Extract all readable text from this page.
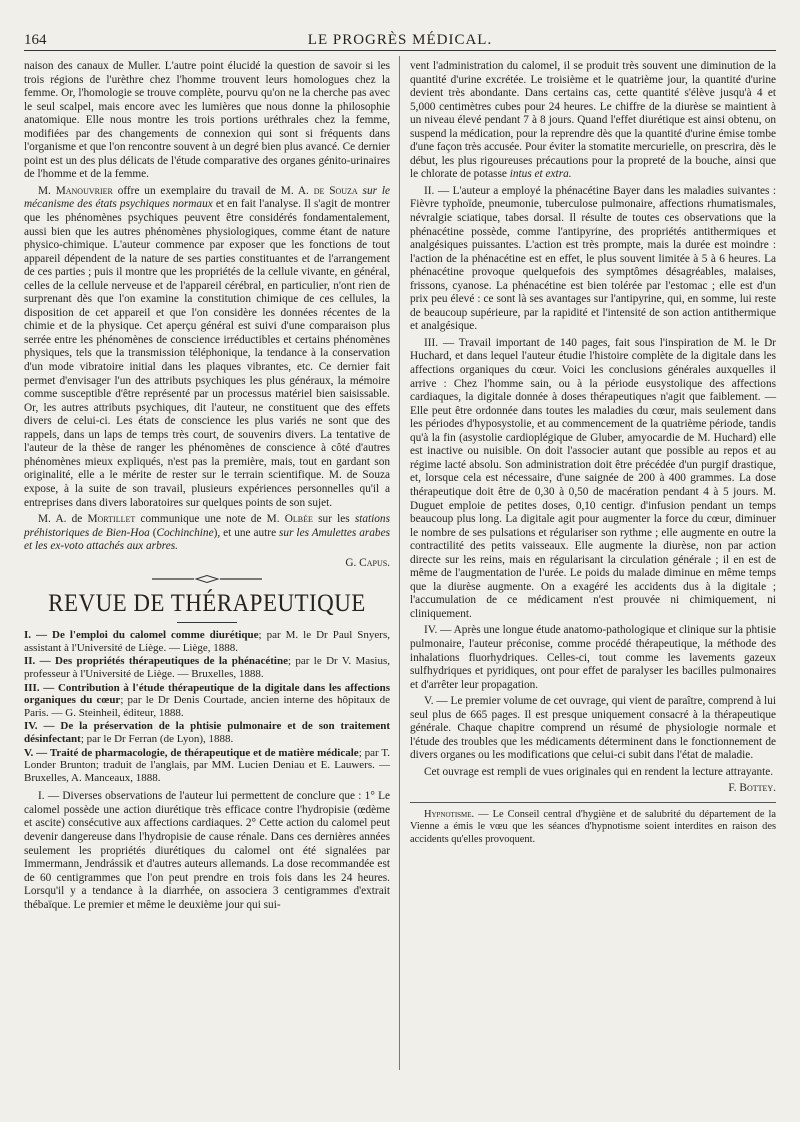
164	LE PROGRÈS MÉDICAL.

naison des canaux de Muller. L'autre point élucidé la question de savoir si les trois régions de l'urèthre chez l'homme trouvent leurs homologues chez la femme. Or, l'homologie se trouve complète, pourvu qu'on ne la cherche pas avec le seul scalpel, mais encore avec les lumières que nous donne la philosophie anatomique. Elle nous montre les trois portions uréthrales chez la femme, modifiées par des changements de connexion qui sont si fréquents dans l'organisme et que l'on rencontre souvent à un degré bien plus avancé. Ce dernier point est un des plus délicats de l'étude comparative des organes génito-urinaires de l'homme et de la femme.

M. Manouvrier offre un exemplaire du travail de M. A. de Souza sur le mécanisme des états psychiques normaux et en fait l'analyse. Il s'agit de montrer que les phénomènes psychiques peuvent être considérés fondamentalement, aussi bien que les autres phénomènes physiologiques, comme étant de nature physico-chimique. L'auteur commence par exposer que les fonctions de tout appareil dépendent de la nature de ses parties constituantes et de l'arrangement de ces parties ; puis il montre que les propriétés de la cellule vivante, en général, celles de la cellule nerveuse et de l'appareil cérébral, en particulier, n'ont rien de surprenant dès que l'on examine la constitution chimique de ces cellules, la disposition de cet appareil et que l'on considère les données récentes de la chimie et de la physique. Cet aperçu général est suivi d'une comparaison plus serrée entre les phénomènes de conscience irréductibles et certains phénomènes physiques, tels que la transmission téléphonique, la tendance à la conservation d'un mode vibratoire initial dans les plaques vibrantes, etc. Ce dernier fait permet d'envisager l'un des attributs psychiques les plus généraux, la mémoire comme susceptible d'être représenté par un processus matériel bien saisissable. Or, les autres attributs psychiques, dit l'auteur, ne constituent que des effets divers de celui-ci. Les états de conscience les plus variés ne sont que des rappels, dans un laps de temps très court, de souvenirs divers. La tentative de l'auteur de la thèse de ranger les phénomènes de conscience à côté d'autres phénomènes mieux expliqués, n'est pas la première, mais, tout en gardant son originalité, elle a le mérite de rester sur le terrain scientifique. M. de Souza expose, à la suite de son travail, plusieurs expériences personnelles qu'il a entreprises dans divers laboratoires sur quelques points de son sujet.

M. A. de Mortillet communique une note de M. Olbée sur les stations préhistoriques de Bien-Hoa (Cochinchine), et une autre sur les Amulettes arabes et les ex-voto attachés aux arbres.

G. Capus.

REVUE DE THÉRAPEUTIQUE

I. — De l'emploi du calomel comme diurétique; par M. le Dr Paul Snyers, assistant à l'Université de Liège. — Liège, 1888.

II. — Des propriétés thérapeutiques de la phénacétine; par le Dr V. Masius, professeur à l'Université de Liège. — Bruxelles, 1888.

III. — Contribution à l'étude thérapeutique de la digitale dans les affections organiques du cœur; par le Dr Denis Courtade, ancien interne des hôpitaux de Paris. — G. Steinheil, éditeur, 1888.

IV. — De la préservation de la phtisie pulmonaire et de son traitement désinfectant; par le Dr Ferran (de Lyon), 1888.

V. — Traité de pharmacologie, de thérapeutique et de matière médicale; par T. Londer Brunton; traduit de l'anglais, par MM. Lucien Deniau et E. Lauwers. — Bruxelles, A. Manceaux, 1888.

I. — Diverses observations de l'auteur lui permettent de conclure que : 1° Le calomel possède une action diurétique très efficace contre l'hydropisie (œdème et ascite) consécutive aux affections cardiaques. 2° Cette action du calomel peut devenir dangereuse dans l'hydropisie de cause rénale. Dans ces dernières années seulement les propriétés diurétiques du calomel ont été signalées par Immermann, Jendrássik et d'autres auteurs allemands. La dose recommandée est de 60 centigrammes que l'on peut prendre en trois fois dans les 24 heures. Lorsqu'il y a tendance à la diarrhée, on associera 3 centigrammes d'extrait thébaïque. Le premier et même le deuxième jour qui sui-

vent l'administration du calomel, il se produit très souvent une diminution de la quantité d'urine excrétée. Le troisième et le quatrième jour, la quantité d'urine devient très abondante. Dans certains cas, cette quantité s'élève jusqu'à 4 et 5,000 centimètres cubes pour 24 heures. Le chiffre de la diurèse se maintient à un niveau élevé pendant 7 à 8 jours. Quand l'effet diurétique est ainsi obtenu, on suspend la médication, pour la reprendre dès que la quantité d'urine émise tombe d'une façon très accusée. Pour éviter la stomatite mercurielle, on prescrira, dès le début, les plus rigoureuses précautions pour la propreté de la bouche, ainsi que le chlorate de potasse intus et extra.

II. — L'auteur a employé la phénacétine Bayer dans les maladies suivantes : Fièvre typhoïde, pneumonie, tuberculose pulmonaire, affections rhumatismales, névralgie sciatique, tabes dorsal. Il résulte de toutes ces observations que la phénacétine possède, comme l'antipyrine, des propriétés antithermiques et analgésiques puissantes. L'action est très prompte, mais la durée est moindre : l'action de la phénacétine est en effet, le plus souvent limitée à 5 à 6 heures. La phénacétine provoque quelquefois des symptômes désagréables, malaises, frissons, cyanose. La phénacétine est bien tolérée par l'estomac ; elle est d'un prix peu élevé : ce sont là ses avantages sur l'antipyrine, qui, en somme, lui reste de beaucoup supérieure, par la rapidité et l'intensité de son action antithermique et analgésique.

III. — Travail important de 140 pages, fait sous l'inspiration de M. le Dr Huchard, et dans lequel l'auteur étudie l'histoire complète de la digitale dans les affections organiques du cœur. Voici les conclusions générales auxquelles il arrive : Chez l'homme sain, ou à la période eusystolique des affections cardiaques, la digitale donnée à doses thérapeutiques n'agit que faiblement. — Elle peut être ordonnée dans toutes les maladies du cœur, mais seulement dans les périodes d'hyposystolie, et au commencement de la quatrième période, tandis qu'à la fin (asystolie cardioplégique de Gluber, amyocardie de M. Huchard) elle est inactive ou nuisible. On doit l'associer autant que possible au repos et au régime lacté absolu. Son administration doit être précédée d'un purgif drastique, et, lorsque cela est nécessaire, d'une saignée de 200 à 400 grammes. La dose thérapeutique doit être de 0,30 à 0,50 de macération pendant 4 à 5 jours. M. Duguet emploie de petites doses, 0,10 centigr. d'infusion pendant un temps beaucoup plus long. La digitale agit pour augmenter la force du cœur, diminuer le nombre de ses pulsations et régulariser son rythme ; elle augmente en outre la contractilité des petits vaisseaux. Elle augmente la diurèse, non par action directe sur les reins, mais en régularisant la circulation générale ; il en est de même de l'augmentation de l'urée. Le poids du malade diminue en même temps que la diurèse augmente. On a exagéré les accidents dus à la digitale ; l'accumulation de ce médicament n'est prouvée ni chimiquement, ni cliniquement.

IV. — Après une longue étude anatomo-pathologique et clinique sur la phtisie pulmonaire, l'auteur préconise, comme procédé thérapeutique, la méthode des inhalations fluorhydriques. Celles-ci, tout comme les lavements gazeux sulfhydriques et pyridiques, ont pour effet de paralyser les bacilles pulmonaires et d'arrêter leur propagation.

V. — Le premier volume de cet ouvrage, qui vient de paraître, comprend à lui seul plus de 665 pages. Il est presque uniquement consacré à la thérapeutique générale. Chaque chapitre comprend un résumé de physiologie normale et l'étude des troubles que les médicaments déterminent dans le fonctionnement de divers organes ou les modifications que celui-ci subit dans l'état de maladie.

Cet ouvrage est rempli de vues originales qui en rendent la lecture attrayante.

F. Bottey.

Hypnotisme. — Le Conseil central d'hygiène et de salubrité du département de la Vienne a émis le vœu que les séances d'hypnotisme soient interdites en raison des accidents qu'elles provoquent.
